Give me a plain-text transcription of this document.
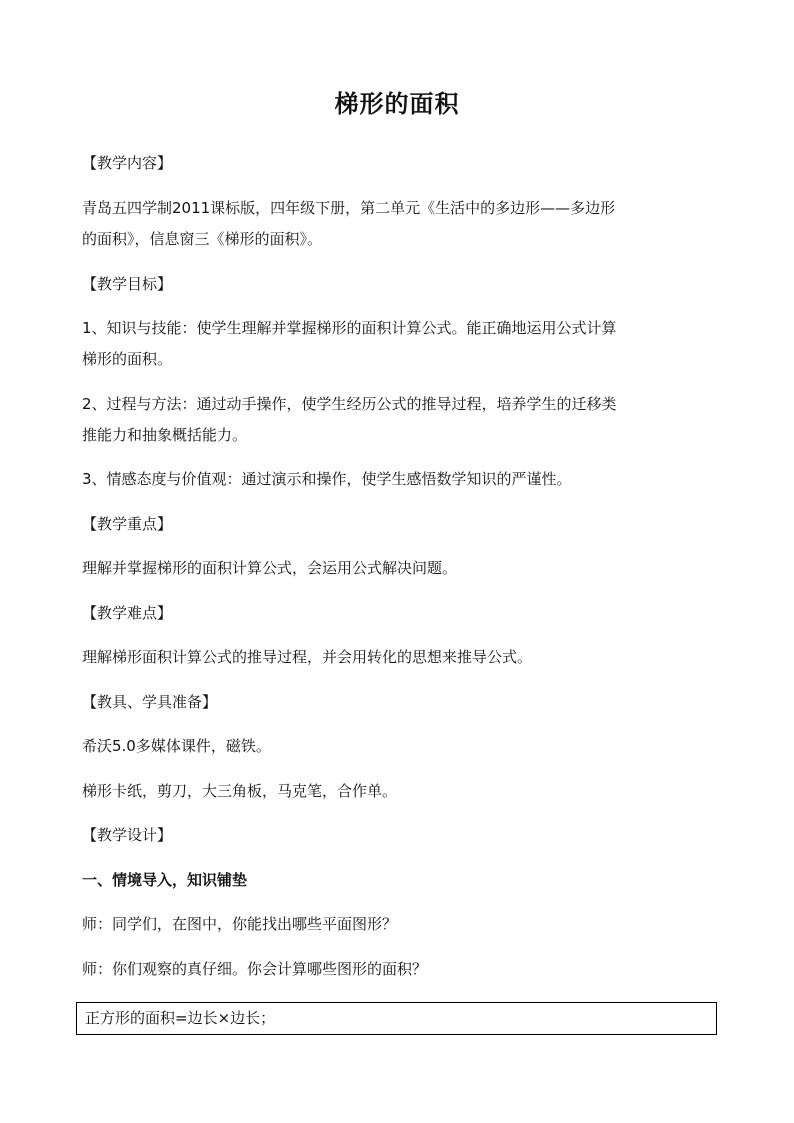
梯形的面积
【教学内容】
青岛五四学制2011课标版，四年级下册，第二单元《生活中的多边形——多边形
的面积》，信息窗三《梯形的面积》。
【教学目标】
1、知识与技能：使学生理解并掌握梯形的面积计算公式。能正确地运用公式计算
梯形的面积。
2、过程与方法：通过动手操作，使学生经历公式的推导过程，培养学生的迁移类
推能力和抽象概括能力。
3、情感态度与价值观：通过演示和操作，使学生感悟数学知识的严谨性。
【教学重点】
理解并掌握梯形的面积计算公式，会运用公式解决问题。
【教学难点】
理解梯形面积计算公式的推导过程，并会用转化的思想来推导公式。
【教具、学具准备】
希沃5.0多媒体课件，磁铁。
梯形卡纸，剪刀，大三角板，马克笔，合作单。
【教学设计】
一、情境导入，知识铺垫
师：同学们，在图中，你能找出哪些平面图形？
师：你们观察的真仔细。你会计算哪些图形的面积？
正方形的面积=边长×边长；
